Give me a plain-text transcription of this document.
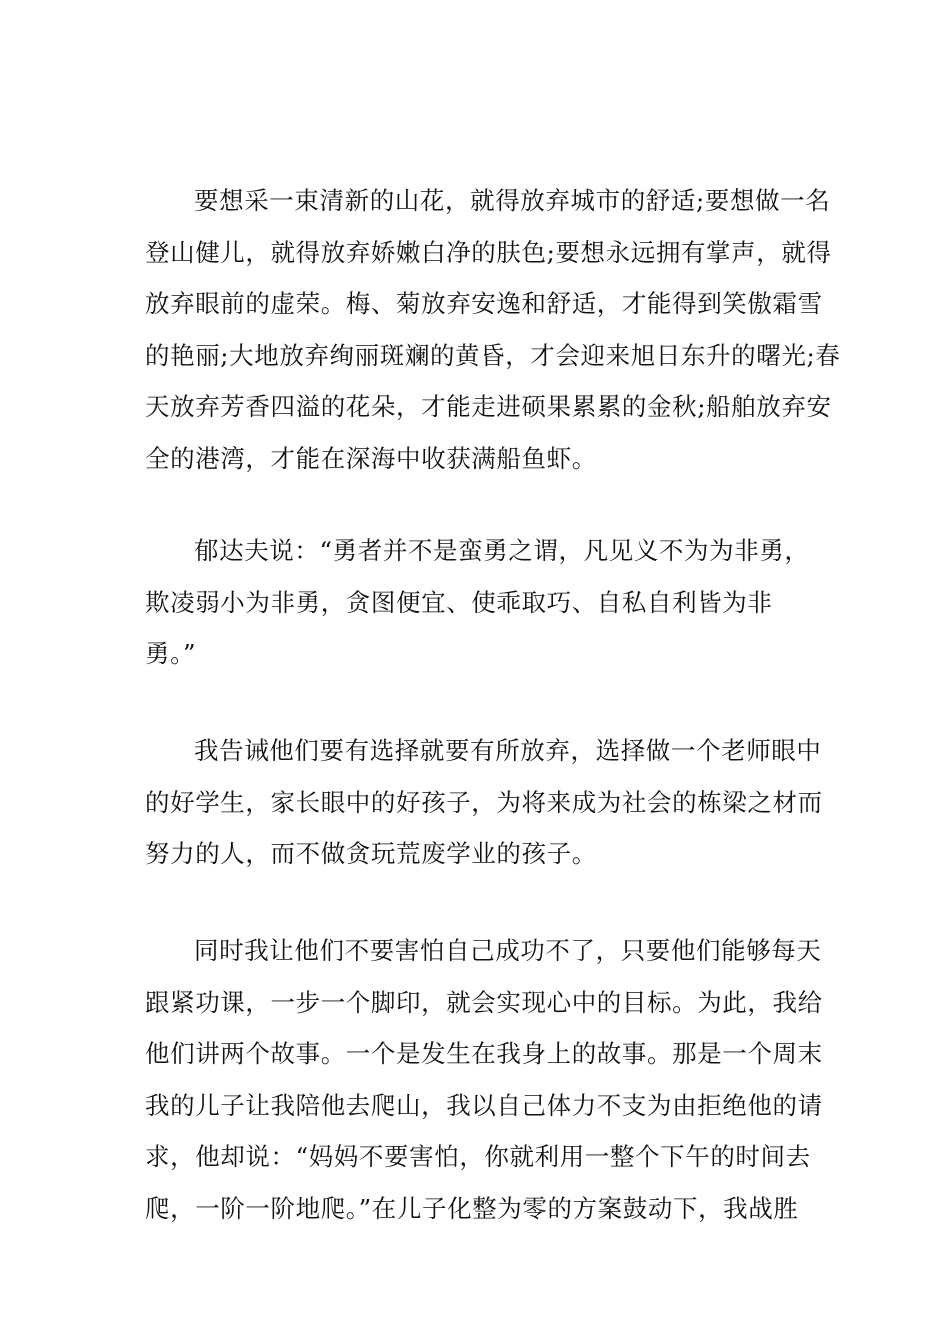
要想采一束清新的山花，就得放弃城市的舒适;要想做一名
登山健儿，就得放弃娇嫩白净的肤色;要想永远拥有掌声，就得
放弃眼前的虚荣。梅、菊放弃安逸和舒适，才能得到笑傲霜雪
的艳丽;大地放弃绚丽斑斓的黄昏，才会迎来旭日东升的曙光;春
天放弃芳香四溢的花朵，才能走进硕果累累的金秋;船舶放弃安
全的港湾，才能在深海中收获满船鱼虾。
郁达夫说：“勇者并不是蛮勇之谓，凡见义不为为非勇，
欺凌弱小为非勇，贪图便宜、使乖取巧、自私自利皆为非
勇。”
我告诫他们要有选择就要有所放弃，选择做一个老师眼中
的好学生，家长眼中的好孩子，为将来成为社会的栋梁之材而
努力的人，而不做贪玩荒废学业的孩子。
同时我让他们不要害怕自己成功不了，只要他们能够每天
跟紧功课，一步一个脚印，就会实现心中的目标。为此，我给
他们讲两个故事。一个是发生在我身上的故事。那是一个周末
我的儿子让我陪他去爬山，我以自己体力不支为由拒绝他的请
求，他却说：“妈妈不要害怕，你就利用一整个下午的时间去
爬，一阶一阶地爬。”在儿子化整为零的方案鼓动下，我战胜
